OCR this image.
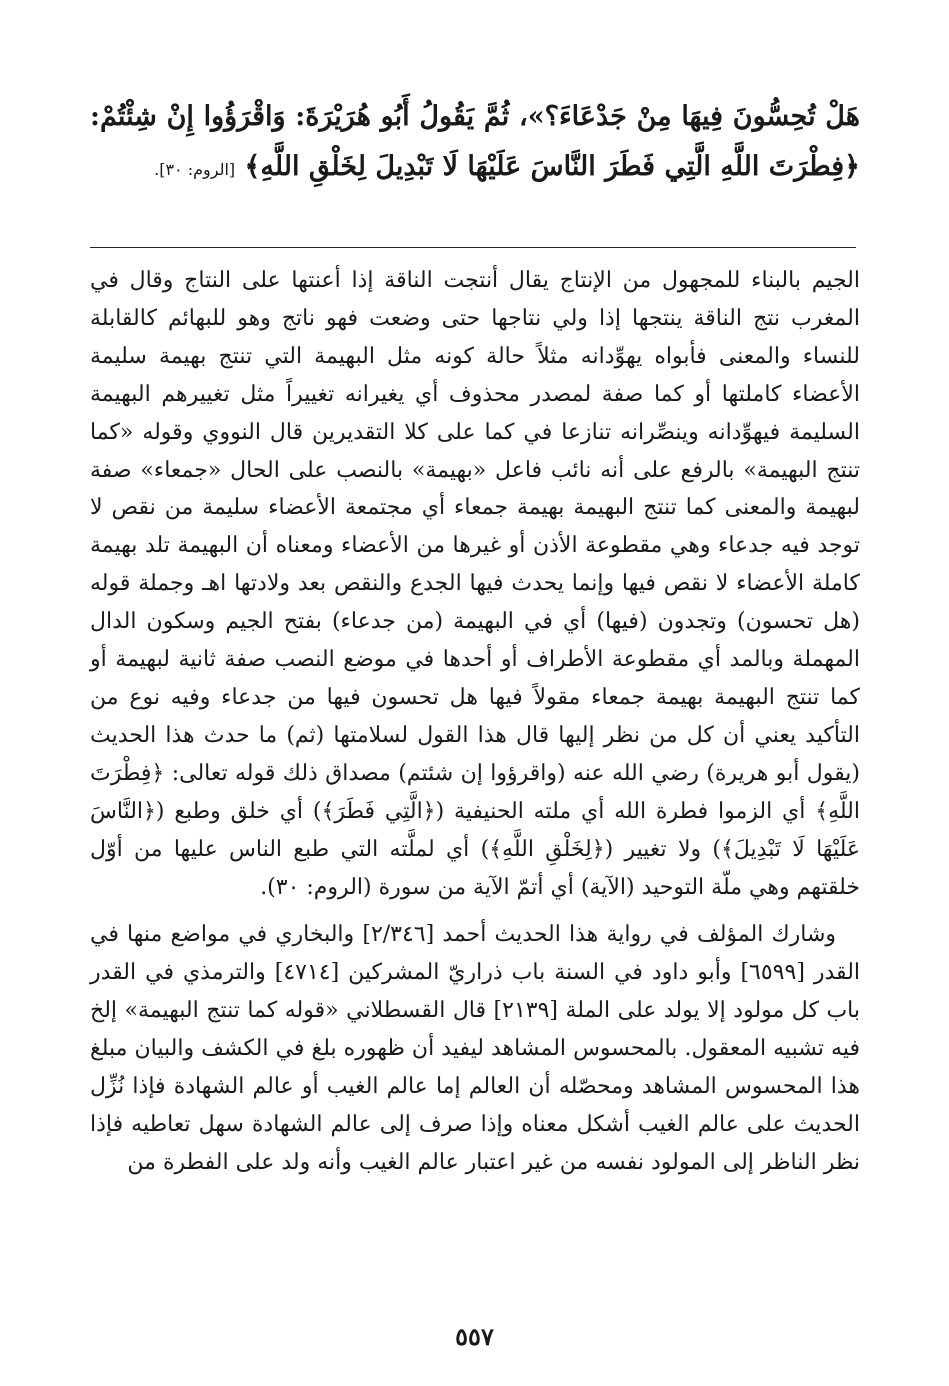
هَلْ تُحِسُّونَ فِيهَا مِنْ جَدْعَاءَ؟»، ثُمَّ يَقُولُ أَبُو هُرَيْرَةَ: وَاقْرَؤُوا إِنْ شِئْتُمْ: ﴿فِطْرَتَ اللَّهِ الَّتِي فَطَرَ النَّاسَ عَلَيْهَا لَا تَبْدِيلَ لِخَلْقِ اللَّهِ﴾ [الروم: ٣٠].

الجيم بالبناء للمجهول من الإنتاج يقال أنتجت الناقة إذا أعنتها على النتاج وقال في المغرب نتج الناقة ينتجها إذا ولي نتاجها حتى وضعت فهو ناتج وهو للبهائم كالقابلة للنساء والمعنى فأبواه يهوِّدانه مثلاً حالة كونه مثل البهيمة التي تنتج بهيمة سليمة الأعضاء كاملتها أو كما صفة لمصدر محذوف أي يغيرانه تغييراً مثل تغييرهم البهيمة السليمة فيهوِّدانه وينصِّرانه تنازعا في كما على كلا التقديرين قال النووي وقوله «كما تنتج البهيمة» بالرفع على أنه نائب فاعل «بهيمة» بالنصب على الحال «جمعاء» صفة لبهيمة والمعنى كما تنتج البهيمة بهيمة جمعاء أي مجتمعة الأعضاء سليمة من نقص لا توجد فيه جدعاء وهي مقطوعة الأذن أو غيرها من الأعضاء ومعناه أن البهيمة تلد بهيمة كاملة الأعضاء لا نقص فيها وإنما يحدث فيها الجدع والنقص بعد ولادتها اهـ وجملة قوله (هل تحسون) وتجدون (فيها) أي في البهيمة (من جدعاء) بفتح الجيم وسكون الدال المهملة وبالمد أي مقطوعة الأطراف أو أحدها في موضع النصب صفة ثانية لبهيمة أو كما تنتج البهيمة بهيمة جمعاء مقولاً فيها هل تحسون فيها من جدعاء وفيه نوع من التأكيد يعني أن كل من نظر إليها قال هذا القول لسلامتها (ثم) ما حدث هذا الحديث (يقول أبو هريرة) رضي الله عنه (واقرؤوا إن شئتم) مصداق ذلك قوله تعالى: ﴿فِطْرَتَ اللَّهِ﴾ أي الزموا فطرة الله أي ملته الحنيفية (﴿الَّتِي فَطَرَ﴾) أي خلق وطبع (﴿النَّاسَ عَلَيْهَا لَا تَبْدِيلَ﴾) ولا تغيير (﴿لِخَلْقِ اللَّهِ﴾) أي لملَّته التي طبع الناس عليها من أوّل خلقتهم وهي ملّة التوحيد (الآية) أي أتمّ الآية من سورة (الروم: ٣٠).

وشارك المؤلف في رواية هذا الحديث أحمد [٢/٣٤٦] والبخاري في مواضع منها في القدر [٦٥٩٩] وأبو داود في السنة باب ذراريّ المشركين [٤٧١٤] والترمذي في القدر باب كل مولود إلا يولد على الملة [٢١٣٩] قال القسطلاني «قوله كما تنتج البهيمة» إلخ فيه تشبيه المعقول. بالمحسوس المشاهد ليفيد أن ظهوره بلغ في الكشف والبيان مبلغ هذا المحسوس المشاهد ومحصّله أن العالم إما عالم الغيب أو عالم الشهادة فإذا نُزِّل الحديث على عالم الغيب أشكل معناه وإذا صرف إلى عالم الشهادة سهل تعاطيه فإذا نظر الناظر إلى المولود نفسه من غير اعتبار عالم الغيب وأنه ولد على الفطرة من

٥٥٧
